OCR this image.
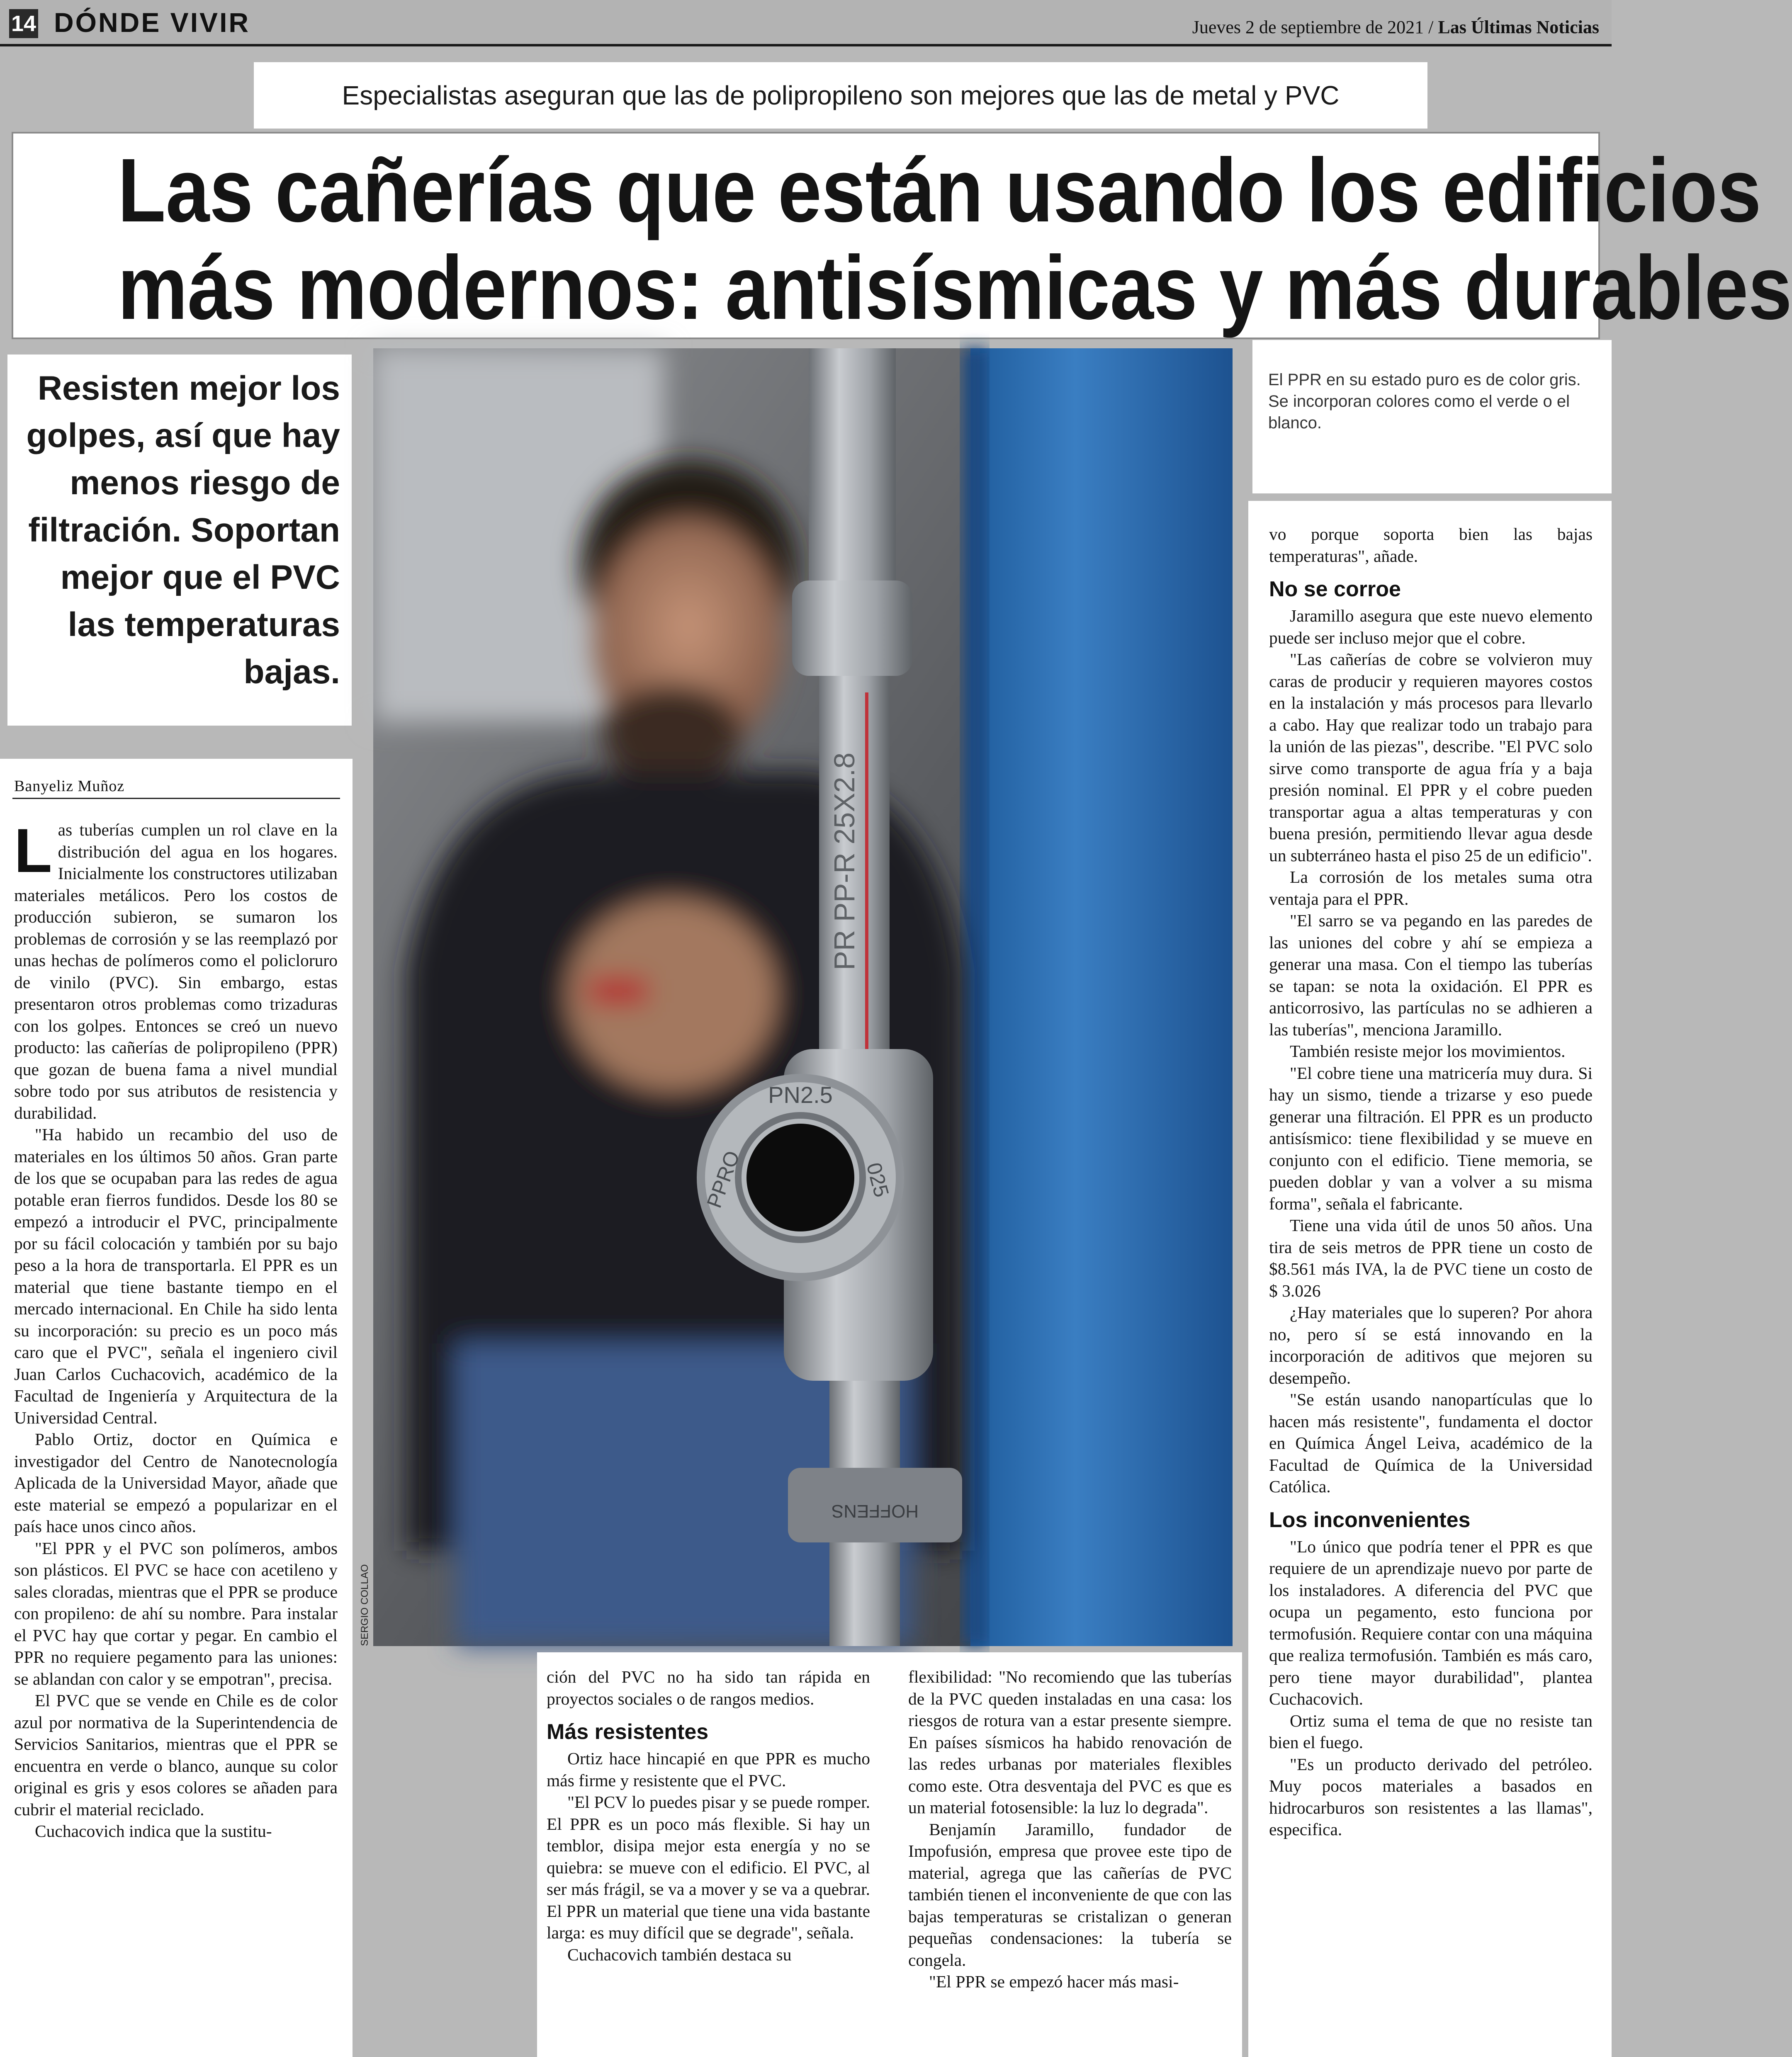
14 DÓNDE VIVIR	Jueves 2 de septiembre de 2021 / Las Últimas Noticias
Especialistas aseguran que las de polipropileno son mejores que las de metal y PVC
Las cañerías que están usando los edificios
más modernos: antisísmicas y más durables
Resisten mejor los golpes, así que hay menos riesgo de filtración. Soportan mejor que el PVC las temperaturas bajas.
PR PP-R 25X2.8
PN2.5
PPRO	025
HOFFENS
SERGIO COLLAO
El PPR en su estado puro es de color gris. Se incorporan colores como el verde o el blanco.
Banyeliz Muñoz
L as tuberías cumplen un rol clave en la distribución del agua en los hogares. Inicialmente los constructores utilizaban materiales metálicos. Pero los costos de producción subieron, se sumaron los problemas de corrosión y se las reemplazó por unas hechas de polímeros como el policloruro de vinilo (PVC). Sin embargo, estas presentaron otros problemas como trizaduras con los golpes. Entonces se creó un nuevo producto: las cañerías de polipropileno (PPR) que gozan de buena fama a nivel mundial sobre todo por sus atributos de resistencia y durabilidad.

"Ha habido un recambio del uso de materiales en los últimos 50 años. Gran parte de los que se ocupaban para las redes de agua potable eran fierros fundidos. Desde los 80 se empezó a introducir el PVC, principalmente por su fácil colocación y también por su bajo peso a la hora de transportarla. El PPR es un material que tiene bastante tiempo en el mercado internacional. En Chile ha sido lenta su incorporación: su precio es un poco más caro que el PVC", señala el ingeniero civil Juan Carlos Cuchacovich, académico de la Facultad de Ingeniería y Arquitectura de la Universidad Central.

Pablo Ortiz, doctor en Química e investigador del Centro de Nanotecnología Aplicada de la Universidad Mayor, añade que este material se empezó a popularizar en el país hace unos cinco años.

"El PPR y el PVC son polímeros, ambos son plásticos. El PVC se hace con acetileno y sales cloradas, mientras que el PPR se produce con propileno: de ahí su nombre. Para instalar el PVC hay que cortar y pegar. En cambio el PPR no requiere pegamento para las uniones: se ablandan con calor y se empotran", precisa.

El PVC que se vende en Chile es de color azul por normativa de la Superintendencia de Servicios Sanitarios, mientras que el PPR se encuentra en verde o blanco, aunque su color original es gris y esos colores se añaden para cubrir el material reciclado.

Cuchacovich indica que la sustitu-

ción del PVC no ha sido tan rápida en proyectos sociales o de rangos medios.

Más resistentes

Ortiz hace hincapié en que PPR es mucho más firme y resistente que el PVC.

"El PCV lo puedes pisar y se puede romper. El PPR es un poco más flexible. Si hay un temblor, disipa mejor esta energía y no se quiebra: se mueve con el edificio. El PVC, al ser más frágil, se va a mover y se va a quebrar. El PPR un material que tiene una vida bastante larga: es muy difícil que se degrade", señala.

Cuchacovich también destaca su

flexibilidad: "No recomiendo que las tuberías de la PVC queden instaladas en una casa: los riesgos de rotura van a estar presente siempre. En países sísmicos ha habido renovación de las redes urbanas por materiales flexibles como este. Otra desventaja del PVC es que es un material fotosensible: la luz lo degrada".

Benjamín Jaramillo, fundador de Impofusión, empresa que provee este tipo de material, agrega que las cañerías de PVC también tienen el inconveniente de que con las bajas temperaturas se cristalizan o generan pequeñas condensaciones: la tubería se congela.

"El PPR se empezó hacer más masi-

vo porque soporta bien las bajas temperaturas", añade.

No se corroe

Jaramillo asegura que este nuevo elemento puede ser incluso mejor que el cobre.

"Las cañerías de cobre se volvieron muy caras de producir y requieren mayores costos en la instalación y más procesos para llevarlo a cabo. Hay que realizar todo un trabajo para la unión de las piezas", describe. "El PVC solo sirve como transporte de agua fría y a baja presión nominal. El PPR y el cobre pueden transportar agua a altas temperaturas y con buena presión, permitiendo llevar agua desde un subterráneo hasta el piso 25 de un edificio".

La corrosión de los metales suma otra ventaja para el PPR.

"El sarro se va pegando en las paredes de las uniones del cobre y ahí se empieza a generar una masa. Con el tiempo las tuberías se tapan: se nota la oxidación. El PPR es anticorrosivo, las partículas no se adhieren a las tuberías", menciona Jaramillo.

También resiste mejor los movimientos.

"El cobre tiene una matricería muy dura. Si hay un sismo, tiende a trizarse y eso puede generar una filtración. El PPR es un producto antisísmico: tiene flexibilidad y se mueve en conjunto con el edificio. Tiene memoria, se pueden doblar y van a volver a su misma forma", señala el fabricante.

Tiene una vida útil de unos 50 años. Una tira de seis metros de PPR tiene un costo de $8.561 más IVA, la de PVC tiene un costo de $ 3.026

¿Hay materiales que lo superen? Por ahora no, pero sí se está innovando en la incorporación de aditivos que mejoren su desempeño.

"Se están usando nanopartículas que lo hacen más resistente", fundamenta el doctor en Química Ángel Leiva, académico de la Facultad de Química de la Universidad Católica.

Los inconvenientes

"Lo único que podría tener el PPR es que requiere de un aprendizaje nuevo por parte de los instaladores. A diferencia del PVC que ocupa un pegamento, esto funciona por termofusión. Requiere contar con una máquina que realiza termofusión. También es más caro, pero tiene mayor durabilidad", plantea Cuchacovich.

Ortiz suma el tema de que no resiste tan bien el fuego.

"Es un producto derivado del petróleo. Muy pocos materiales a basados en hidrocarburos son resistentes a las llamas", especifica.
